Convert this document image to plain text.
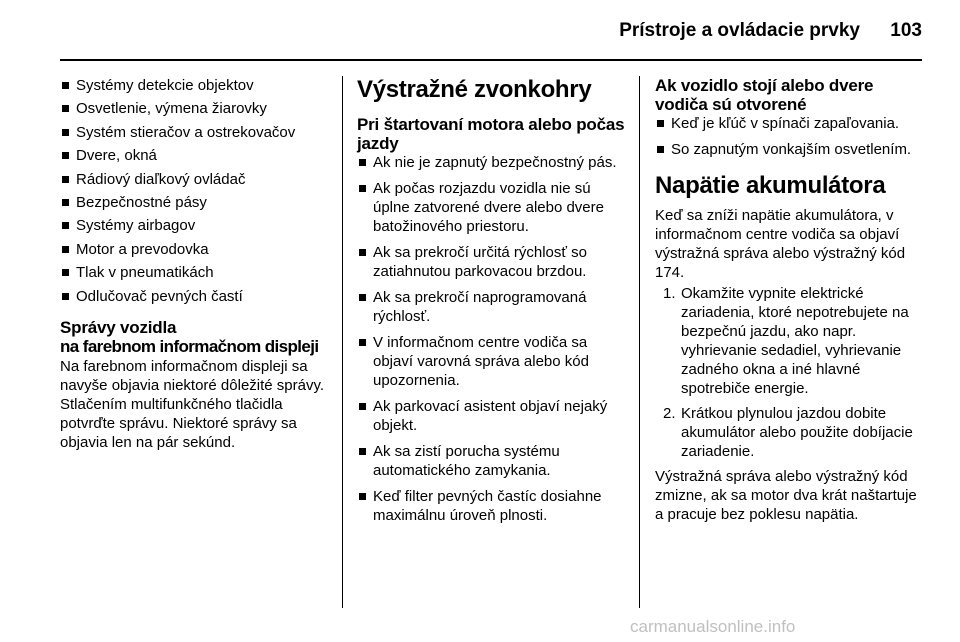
Prístroje a ovládacie prvky	103
Systémy detekcie objektov
Osvetlenie, výmena žiarovky
Systém stieračov a ostrekovačov
Dvere, okná
Rádiový diaľkový ovládač
Bezpečnostné pásy
Systémy airbagov
Motor a prevodovka
Tlak v pneumatikách
Odlučovač pevných častí
Správy vozidla
na farebnom informačnom displeji

Na farebnom informačnom displeji sa navyše objavia niektoré dôležité správy. Stlačením multifunkčného tlačidla potvrďte správu. Niektoré správy sa objavia len na pár sekúnd.

Výstražné zvonkohry
Pri štartovaní motora alebo počas jazdy
Ak nie je zapnutý bezpečnostný pás.
Ak počas rozjazdu vozidla nie sú úplne zatvorené dvere alebo dvere batožinového priestoru.
Ak sa prekročí určitá rýchlosť so zatiahnutou parkovacou brzdou.
Ak sa prekročí naprogramovaná rýchlosť.
V informačnom centre vodiča sa objaví varovná správa alebo kód upozornenia.
Ak parkovací asistent objaví nejaký objekt.
Ak sa zistí porucha systému automatického zamykania.
Keď filter pevných častíc dosiahne maximálnu úroveň plnosti.
Ak vozidlo stojí alebo dvere vodiča sú otvorené
Keď je kľúč v spínači zapaľovania.
So zapnutým vonkajším osvetlením.
Napätie akumulátora

Keď sa zníži napätie akumulátora, v informačnom centre vodiča sa objaví výstražná správa alebo výstražný kód 174.

1. Okamžite vypnite elektrické zariadenia, ktoré nepotrebujete na bezpečnú jazdu, ako napr. vyhrievanie sedadiel, vyhrievanie zadného okna a iné hlavné spotrebiče energie.
2. Krátkou plynulou jazdou dobite akumulátor alebo použite dobíjacie zariadenie.

Výstražná správa alebo výstražný kód zmizne, ak sa motor dva krát naštartuje a pracuje bez poklesu napätia.

carmanualsonline.info
